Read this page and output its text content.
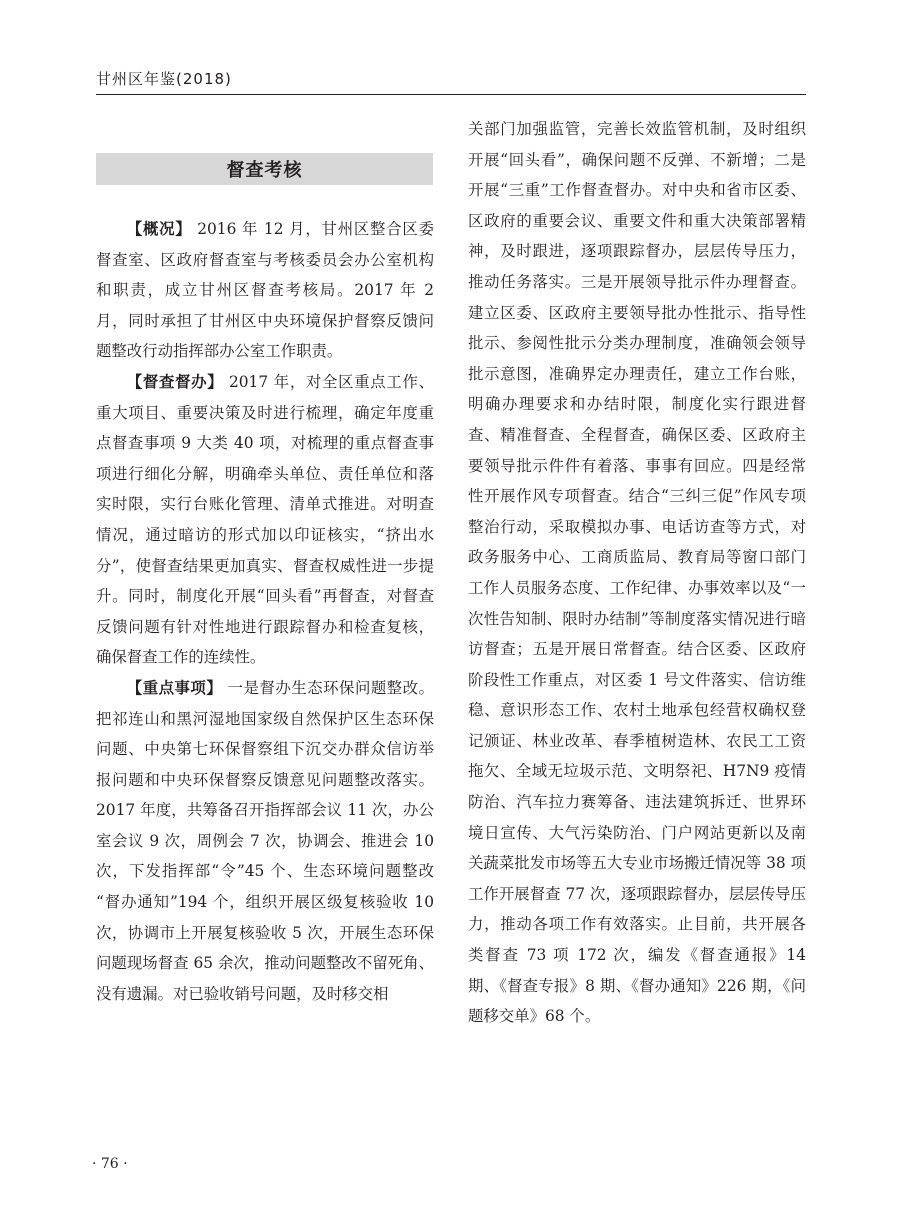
甘州区年鉴(2018)
督查考核

【概况】 2016 年 12 月，甘州区整合区委督查室、区政府督查室与考核委员会办公室机构和职责，成立甘州区督查考核局。2017 年 2 月，同时承担了甘州区中央环境保护督察反馈问题整改行动指挥部办公室工作职责。

【督查督办】 2017 年，对全区重点工作、重大项目、重要决策及时进行梳理，确定年度重点督查事项 9 大类 40 项，对梳理的重点督查事项进行细化分解，明确牵头单位、责任单位和落实时限，实行台账化管理、清单式推进。对明查情况，通过暗访的形式加以印证核实，“挤出水分”，使督查结果更加真实、督查权威性进一步提升。同时，制度化开展“回头看”再督查，对督查反馈问题有针对性地进行跟踪督办和检查复核，确保督查工作的连续性。

【重点事项】 一是督办生态环保问题整改。把祁连山和黑河湿地国家级自然保护区生态环保问题、中央第七环保督察组下沉交办群众信访举报问题和中央环保督察反馈意见问题整改落实。2017 年度，共筹备召开指挥部会议 11 次，办公室会议 9 次，周例会 7 次，协调会、推进会 10 次，下发指挥部“令”45 个、生态环境问题整改 “督办通知”194 个，组织开展区级复核验收 10 次，协调市上开展复核验收 5 次，开展生态环保问题现场督查 65 余次，推动问题整改不留死角、没有遗漏。对已验收销号问题，及时移交相

关部门加强监管，完善长效监管机制，及时组织开展“回头看”，确保问题不反弹、不新增；二是开展“三重”工作督查督办。对中央和省市区委、区政府的重要会议、重要文件和重大决策部署精神，及时跟进，逐项跟踪督办，层层传导压力，推动任务落实。三是开展领导批示件办理督查。建立区委、区政府主要领导批办性批示、指导性批示、参阅性批示分类办理制度，准确领会领导批示意图，准确界定办理责任，建立工作台账，明确办理要求和办结时限，制度化实行跟进督查、精准督查、全程督查，确保区委、区政府主要领导批示件件有着落、事事有回应。四是经常性开展作风专项督查。结合“三纠三促”作风专项整治行动，采取模拟办事、电话访查等方式，对政务服务中心、工商质监局、教育局等窗口部门工作人员服务态度、工作纪律、办事效率以及“一次性告知制、限时办结制”等制度落实情况进行暗访督查；五是开展日常督查。结合区委、区政府阶段性工作重点，对区委 1 号文件落实、信访维稳、意识形态工作、农村土地承包经营权确权登记颁证、林业改革、春季植树造林、农民工工资拖欠、全域无垃圾示范、文明祭祀、H7N9 疫情防治、汽车拉力赛筹备、违法建筑拆迁、世界环境日宣传、大气污染防治、门户网站更新以及南关蔬菜批发市场等五大专业市场搬迁情况等 38 项工作开展督查 77 次，逐项跟踪督办，层层传导压力，推动各项工作有效落实。止目前，共开展各类督查 73 项 172 次，编发《督查通报》14 期、《督查专报》8 期、《督办通知》226 期，《问题移交单》68 个。

· 76 ·
